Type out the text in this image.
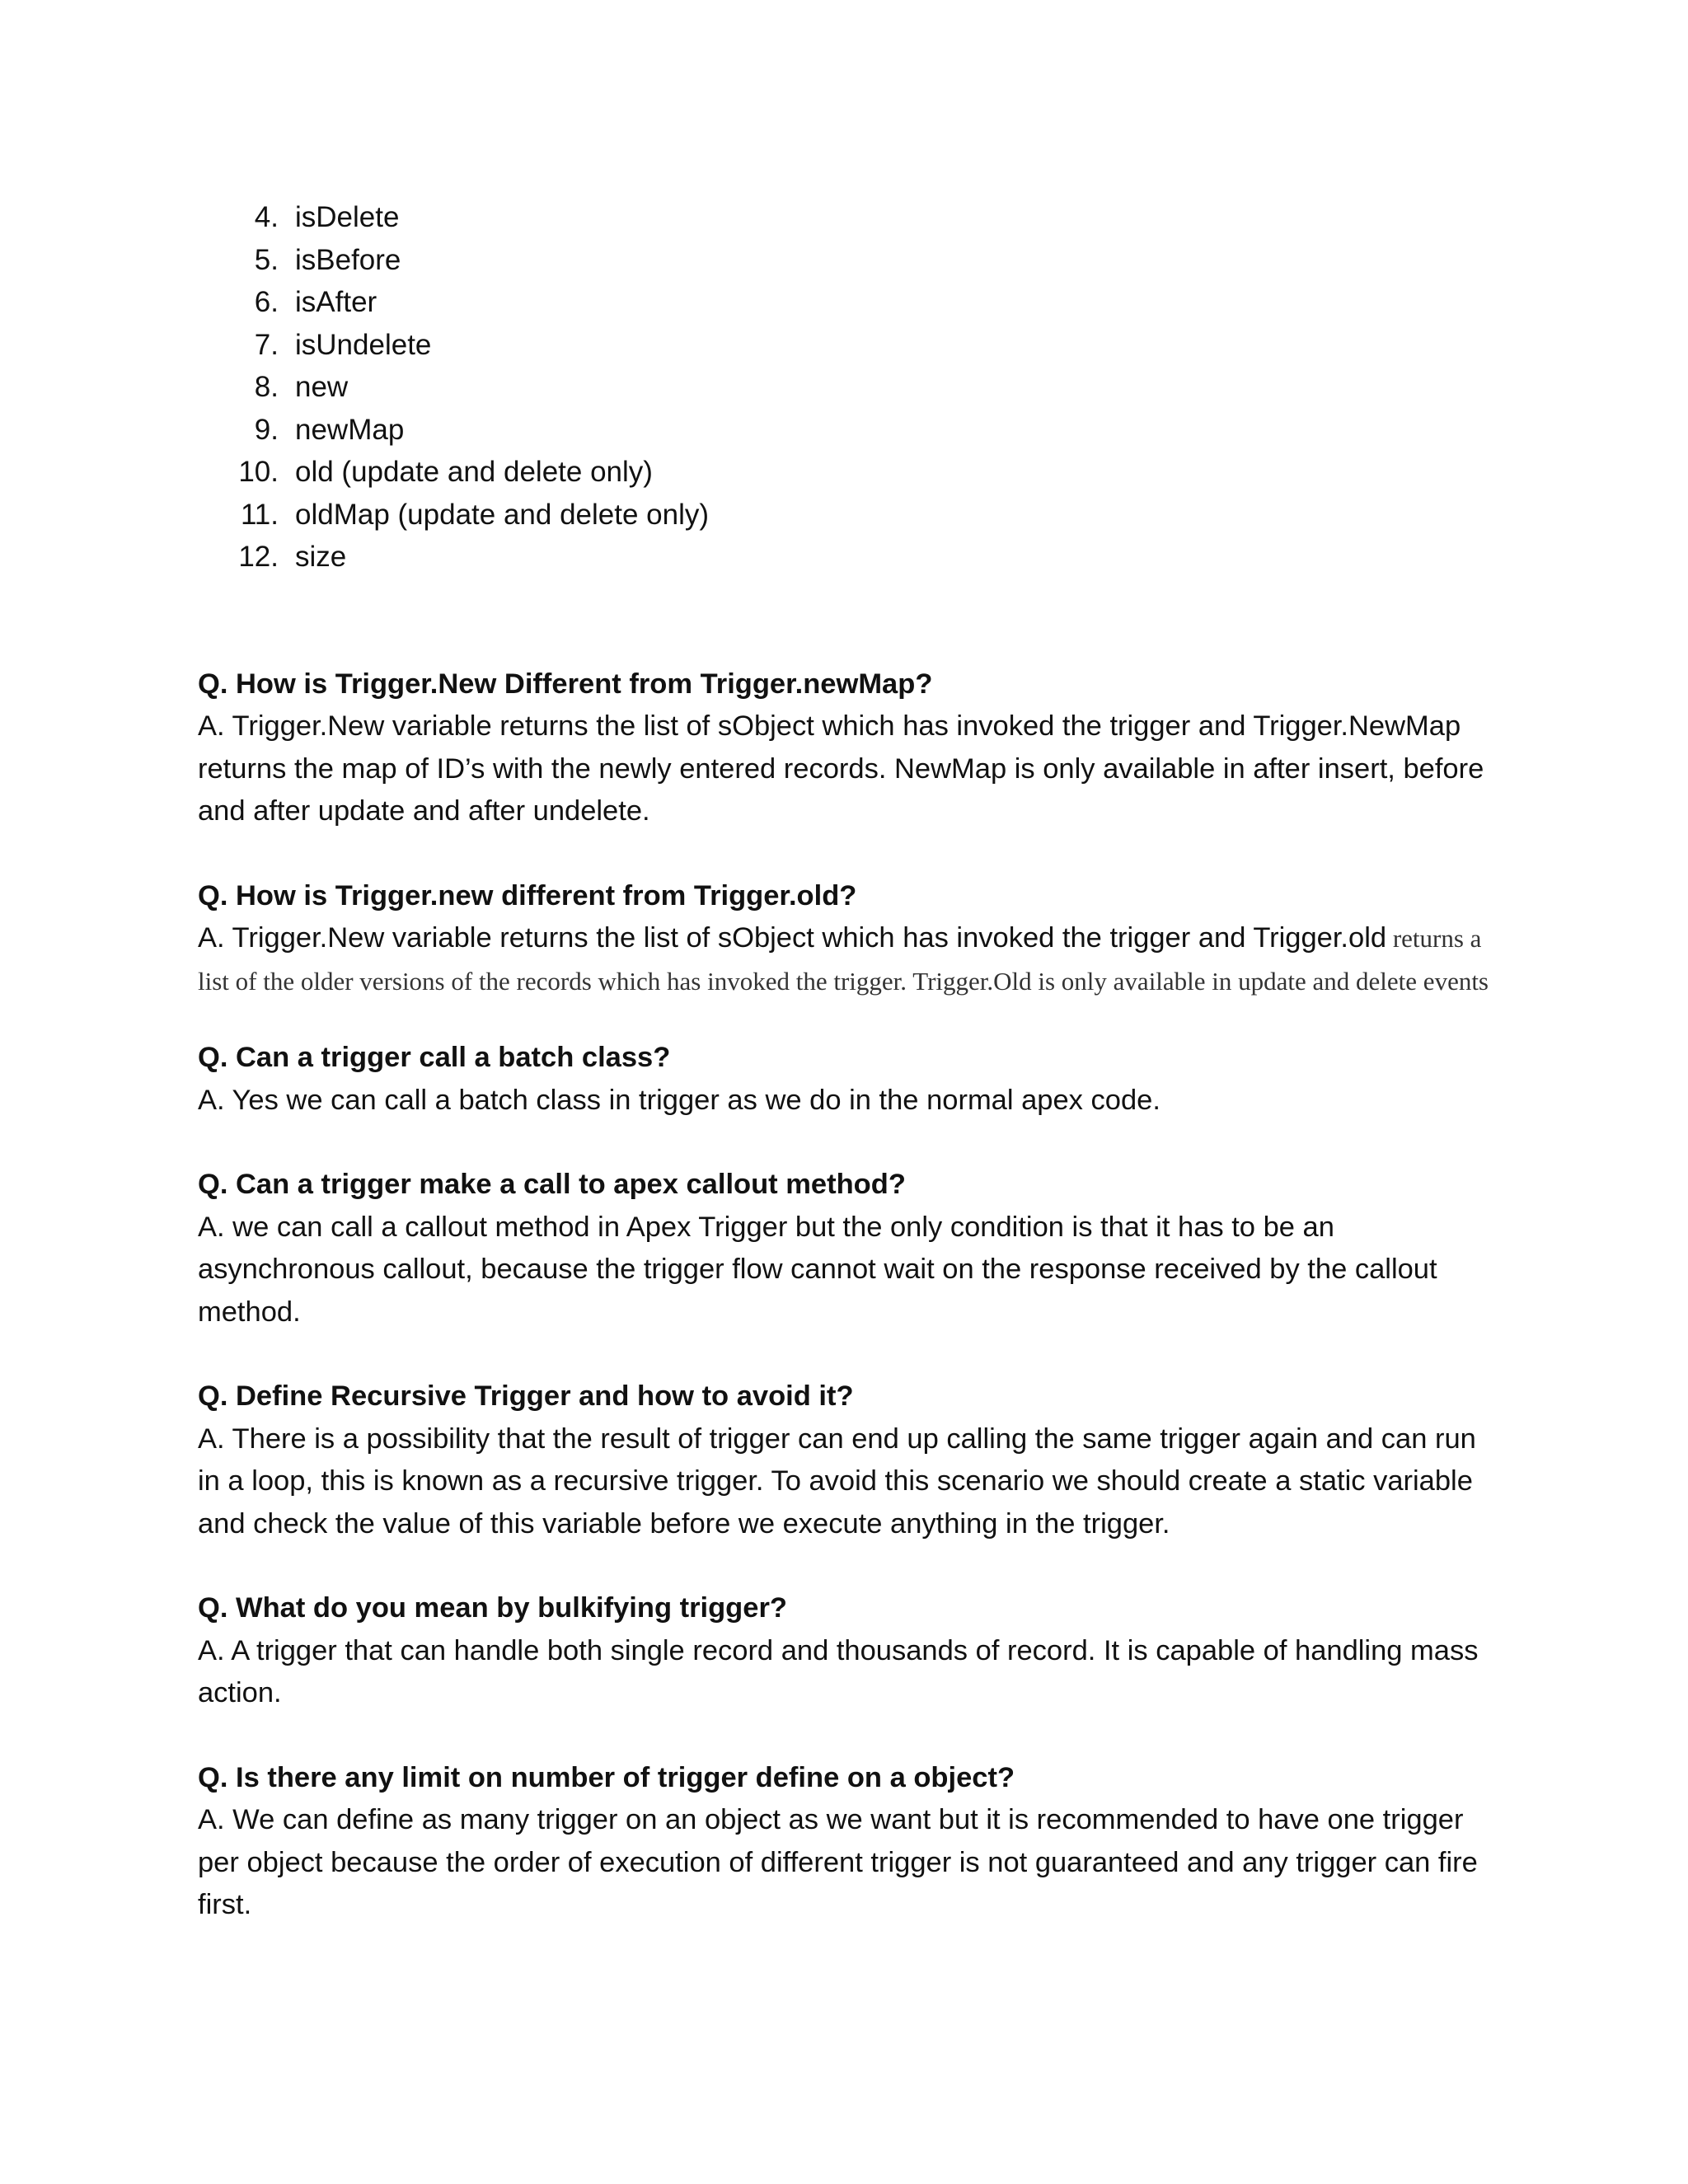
4. isDelete
5. isBefore
6. isAfter
7. isUndelete
8. new
9. newMap
10. old (update and delete only)
11. oldMap (update and delete only)
12. size

Q. How is Trigger.New Different from Trigger.newMap?

A. Trigger.New variable returns the list of sObject which has invoked the trigger and Trigger.NewMap returns the map of ID’s with the newly entered records. NewMap is only available in after insert, before and after update and after undelete.

Q. How is Trigger.new different from Trigger.old?

A. Trigger.New variable returns the list of sObject which has invoked the trigger and Trigger.old returns a list of the older versions of the records which has invoked the trigger. Trigger.Old is only available in update and delete events

Q. Can a trigger call a batch class?

A. Yes we can call a batch class in trigger as we do in the normal apex code.

Q. Can a trigger make a call to apex callout method?

A. we can call a callout method in Apex Trigger but the only condition is that it has to be an asynchronous callout, because the trigger flow cannot wait on the response received by the callout method.

Q. Define Recursive Trigger and how to avoid it?

A. There is a possibility that the result of trigger can end up calling the same trigger again and can run in a loop, this is known as a recursive trigger. To avoid this scenario we should create a static variable and check the value of this variable before we execute anything in the trigger.

Q. What do you mean by bulkifying trigger?

A. A trigger that can handle both single record and thousands of record. It is capable of handling mass action.

Q. Is there any limit on number of trigger define on a object?

A. We can define as many trigger on an object as we want but it is recommended to have one trigger per object because the order of execution of different trigger is not guaranteed and any trigger can fire first.
